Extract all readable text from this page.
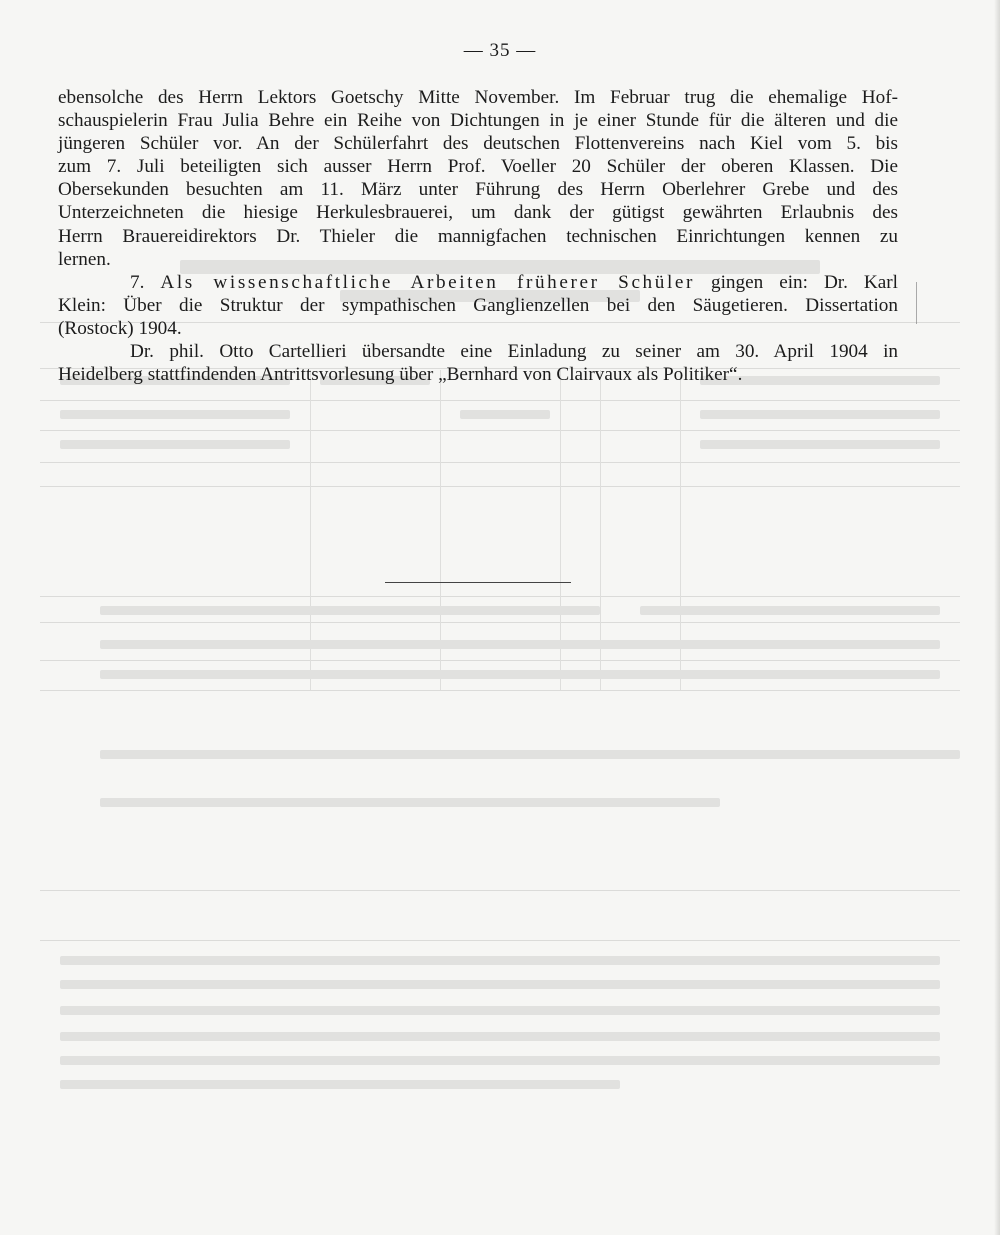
— 35 —

ebensolche des Herrn Lektors Goetschy Mitte November. Im Februar trug die ehemalige Hof-
schauspielerin Frau Julia Behre ein Reihe von Dichtungen in je einer Stunde für die älteren und die
jüngeren Schüler vor. An der Schülerfahrt des deutschen Flottenvereins nach Kiel vom 5. bis
zum 7. Juli beteiligten sich ausser Herrn Prof. Voeller 20 Schüler der oberen Klassen. Die
Obersekunden besuchten am 11. März unter Führung des Herrn Oberlehrer Grebe und des
Unterzeichneten die hiesige Herkulesbrauerei, um dank der gütigst gewährten Erlaubnis des
Herrn Brauereidirektors Dr. Thieler die mannigfachen technischen Einrichtungen kennen zu
lernen.

7. Als wissenschaftliche Arbeiten früherer Schüler gingen ein: Dr. Karl
Klein: Über die Struktur der sympathischen Ganglienzellen bei den Säugetieren. Dissertation
(Rostock) 1904.

Dr. phil. Otto Cartellieri übersandte eine Einladung zu seiner am 30. April 1904 in
Heidelberg stattfindenden Antrittsvorlesung über „Bernhard von Clairvaux als Politiker“.
